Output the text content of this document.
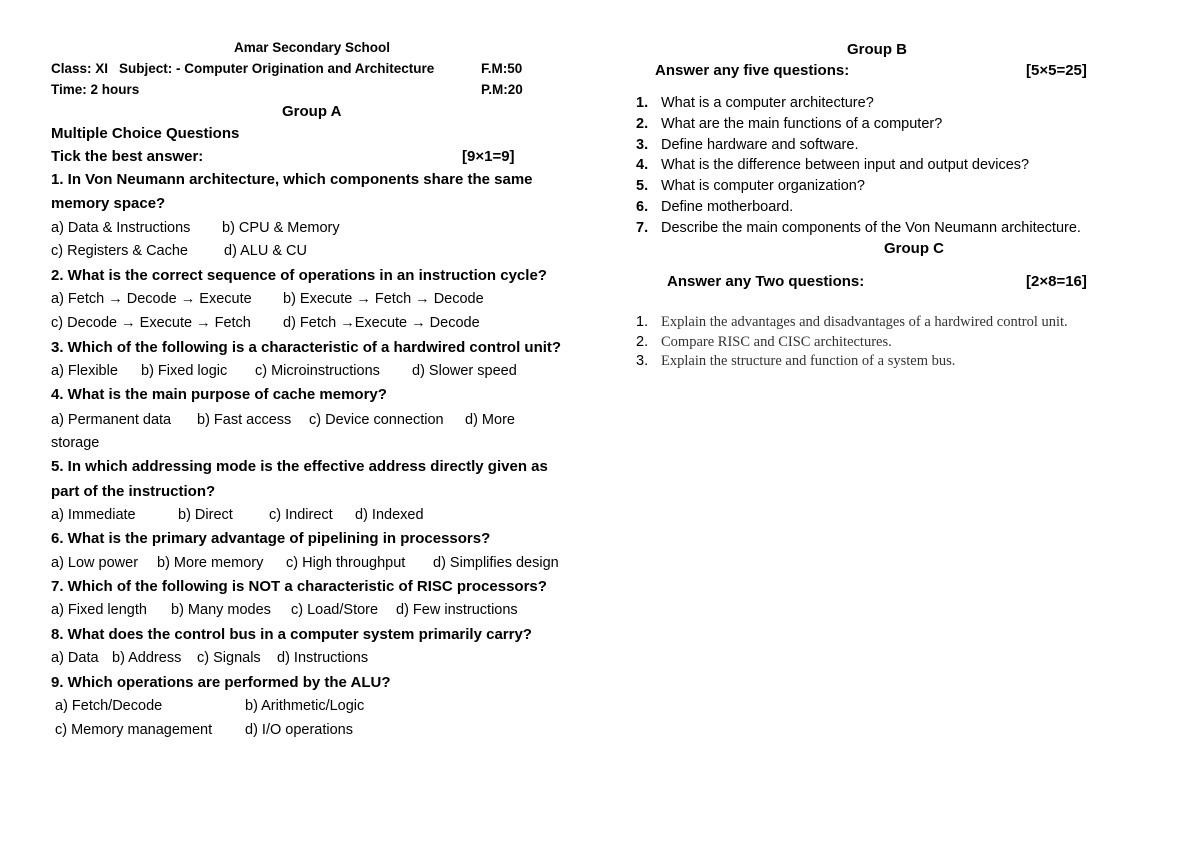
Amar Secondary School
Class: XI Subject: - Computer Origination and Architecture	F.M:50
Time: 2 hours	P.M:20
Group A
Multiple Choice Questions
Tick the best answer:	[9×1=9]
1. In Von Neumann architecture, which components share the same
memory space?
a) Data & Instructions b) CPU & Memory
c) Registers & Cache d) ALU & CU
2. What is the correct sequence of operations in an instruction cycle?
a) Fetch → Decode → Execute b) Execute → Fetch → Decode
c) Decode → Execute → Fetch d) Fetch →Execute → Decode
3. Which of the following is a characteristic of a hardwired control unit?
a) Flexible b) Fixed logic c) Microinstructions d) Slower speed
4. What is the main purpose of cache memory?
a) Permanent data b) Fast access c) Device connection d) More
storage
5. In which addressing mode is the effective address directly given as
part of the instruction?
a) Immediate	b) Direct c) Indirect d) Indexed
6. What is the primary advantage of pipelining in processors?
a) Low power b) More memory c) High throughput d) Simplifies design
7. Which of the following is NOT a characteristic of RISC processors?
a) Fixed length b) Many modes c) Load/Store d) Few instructions
8. What does the control bus in a computer system primarily carry?
a) Data b) Address c) Signals d) Instructions
9. Which operations are performed by the ALU?
a) Fetch/Decode	b) Arithmetic/Logic
c) Memory management d) I/O operations
Group B
Answer any five questions:	[5×5=25]
1. What is a computer architecture?
2. What are the main functions of a computer?
3. Define hardware and software.
4. What is the difference between input and output devices?
5. What is computer organization?
6. Define motherboard.
7. Describe the main components of the Von Neumann architecture.
Group C
Answer any Two questions:	[2×8=16]
1. Explain the advantages and disadvantages of a hardwired control unit.
2. Compare RISC and CISC architectures.
3. Explain the structure and function of a system bus.
